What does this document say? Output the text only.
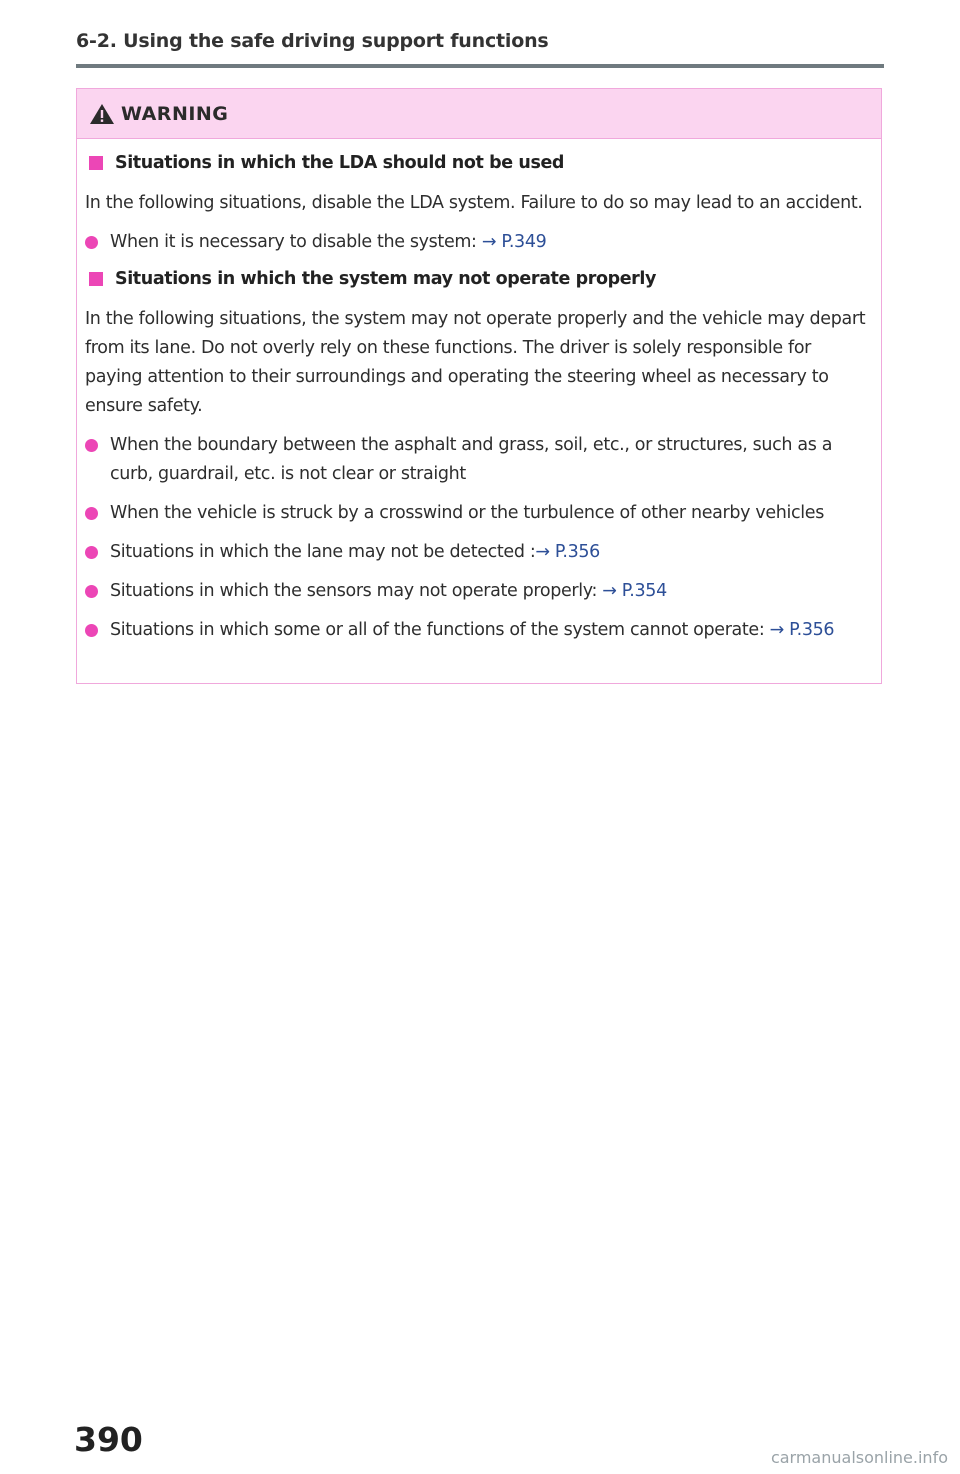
6-2. Using the safe driving support functions
WARNING
Situations in which the LDA should not be used

In the following situations, disable the LDA system. Failure to do so may lead to an accident.

When it is necessary to disable the system: → P.349
Situations in which the system may not operate properly

In the following situations, the system may not operate properly and the vehicle may depart from its lane. Do not overly rely on these functions. The driver is solely responsible for paying attention to their surroundings and operating the steering wheel as necessary to ensure safety.

When the boundary between the asphalt and grass, soil, etc., or structures, such as a curb, guardrail, etc. is not clear or straight
When the vehicle is struck by a crosswind or the turbulence of other nearby vehicles
Situations in which the lane may not be detected :→ P.356
Situations in which the sensors may not operate properly: → P.354
Situations in which some or all of the functions of the system cannot operate: → P.356
390	carmanualsonline.info
